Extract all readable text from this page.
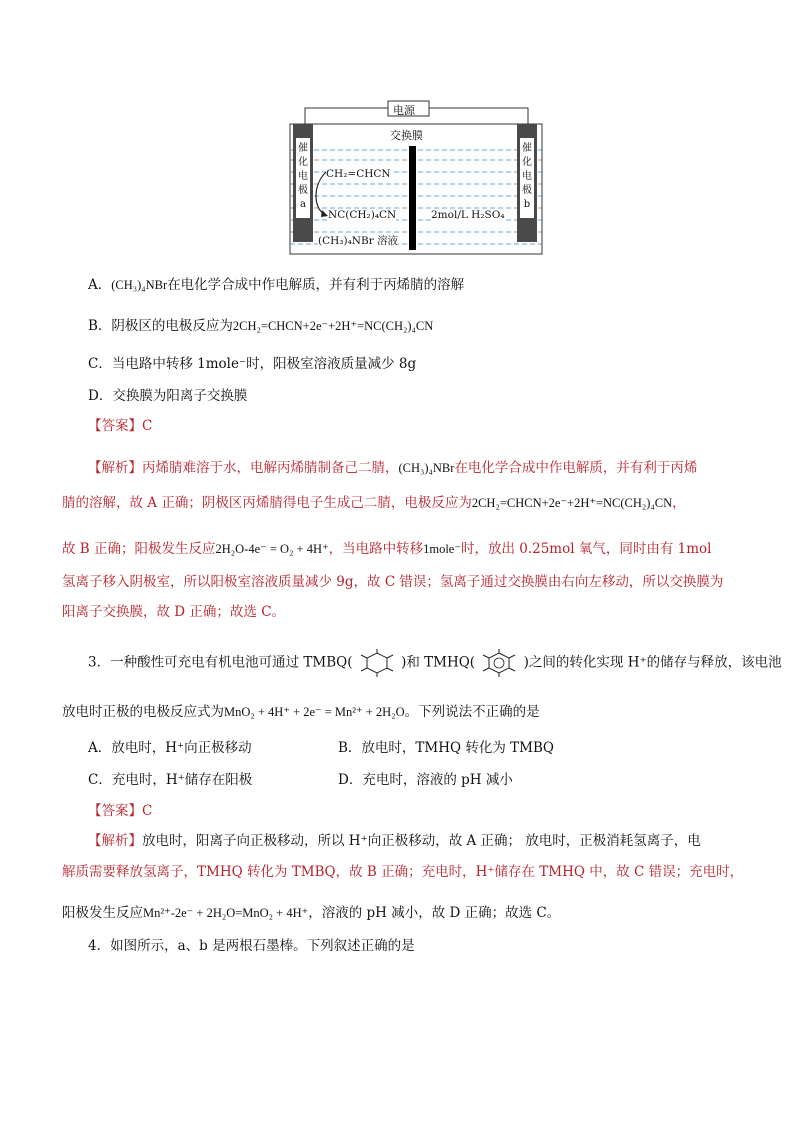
电源
交换膜
催
化
电
极
a
催
化
电
极
b
CH₂=CHCN
NC(CH₂)₄CN
(CH₃)₄NBr 溶液
2mol/L H₂SO₄
A．(CH₃)₄NBr在电化学合成中作电解质，并有利于丙烯腈的溶解
B．阴极区的电极反应为2CH₂=CHCN+2e⁻+2H⁺=NC(CH₂)₄CN
C．当电路中转移 1mole⁻时，阳极室溶液质量减少 8g
D．交换膜为阳离子交换膜
【答案】C
【解析】丙烯腈难溶于水，电解丙烯腈制备己二腈，(CH₃)₄NBr在电化学合成中作电解质，并有利于丙烯
腈的溶解，故 A 正确；阴极区丙烯腈得电子生成己二腈，电极反应为2CH₂=CHCN+2e⁻+2H⁺=NC(CH₂)₄CN，
故 B 正确；阳极发生反应2H₂O-4e⁻ = O₂ + 4H⁺，当电路中转移1mole⁻时，放出 0.25mol 氧气，同时由有 1mol
氢离子移入阴极室，所以阳极室溶液质量减少 9g，故 C 错误；氢离子通过交换膜由右向左移动，所以交换膜为
阳离子交换膜，故 D 正确；故选 C。
3．一种酸性可充电有机电池可通过 TMBQ(	)和 TMHQ(	)之间的转化实现 H⁺的储存与释放，该电池
放电时正极的电极反应式为MnO₂ + 4H⁺ + 2e⁻ = Mn²⁺ + 2H₂O。下列说法不正确的是
A．放电时，H⁺向正极移动	B．放电时，TMHQ 转化为 TMBQ
C．充电时，H⁺储存在阳极	D．充电时，溶液的 pH 减小
【答案】C
【解析】放电时，阳离子向正极移动，所以 H⁺向正极移动，故 A 正确； 放电时，正极消耗氢离子，电
解质需要释放氢离子，TMHQ 转化为 TMBQ，故 B 正确；充电时，H⁺储存在 TMHQ 中，故 C 错误；充电时，
阳极发生反应Mn²⁺-2e⁻ + 2H₂O=MnO₂ + 4H⁺，溶液的 pH 减小，故 D 正确；故选 C。
4．如图所示，a、b 是两根石墨棒。下列叙述正确的是
